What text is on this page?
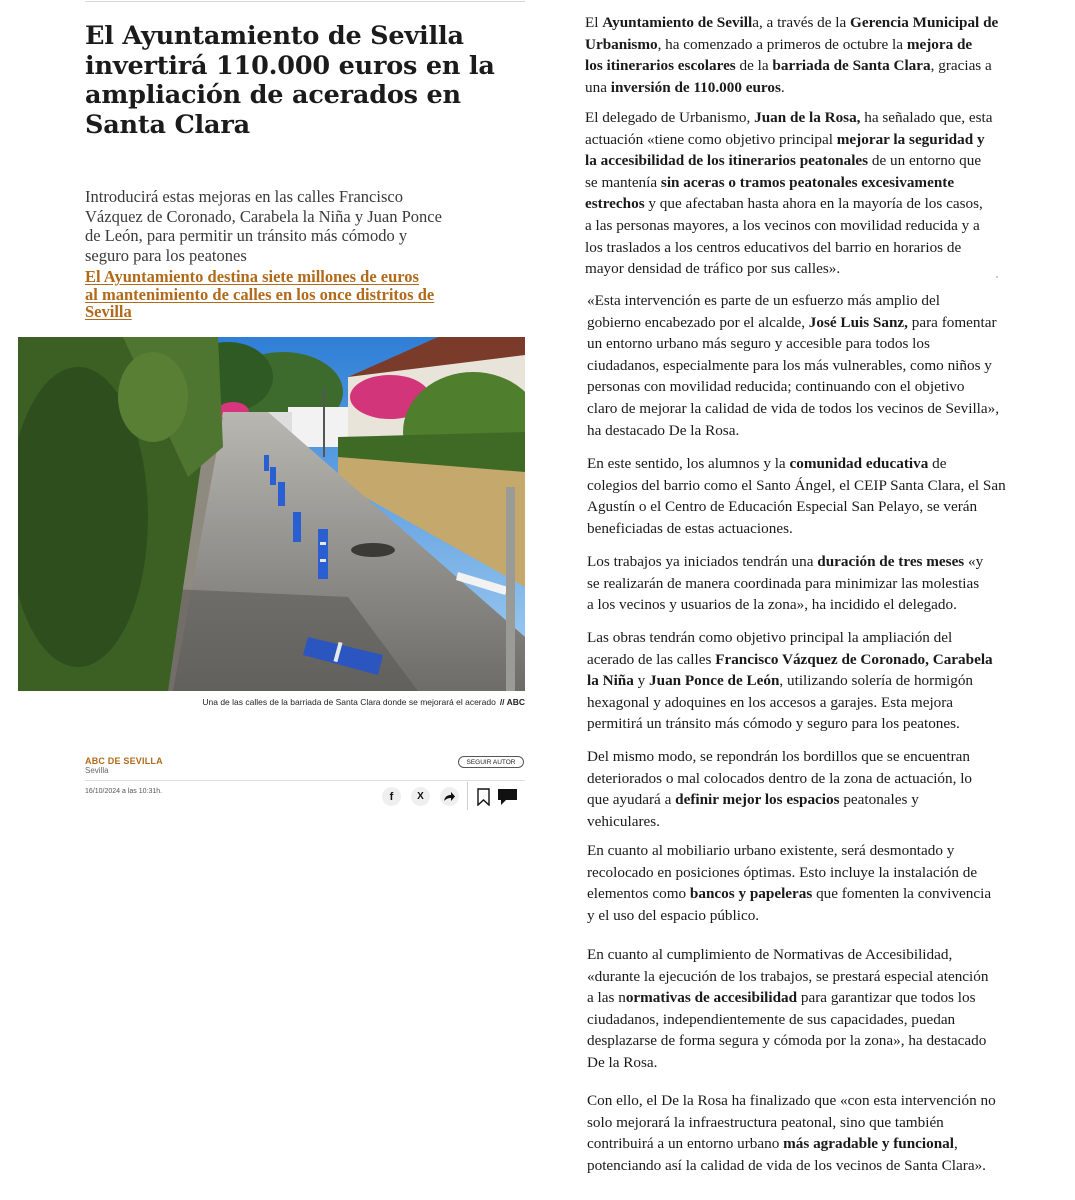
El Ayuntamiento de Sevilla
invertirá 110.000 euros en la
ampliación de acerados en
Santa Clara

Introducirá estas mejoras en las calles Francisco
Vázquez de Coronado, Carabela la Niña y Juan Ponce
de León, para permitir un tránsito más cómodo y
seguro para los peatones

El Ayuntamiento destina siete millones de euros
al mantenimiento de calles en los once distritos de
Sevilla

Una de las calles de la barriada de Santa Clara donde se mejorará el acerado // ABC

ABC DE SEVILLA

Sevilla

SEGUIR AUTOR

16/10/2024 a las 10:31h.	f X

El Ayuntamiento de Sevilla, a través de la Gerencia Municipal de
Urbanismo, ha comenzado a primeros de octubre la mejora de
los itinerarios escolares de la barriada de Santa Clara, gracias a
una inversión de 110.000 euros.

El delegado de Urbanismo, Juan de la Rosa, ha señalado que, esta
actuación «tiene como objetivo principal mejorar la seguridad y
la accesibilidad de los itinerarios peatonales de un entorno que
se mantenía sin aceras o tramos peatonales excesivamente
estrechos y que afectaban hasta ahora en la mayoría de los casos,
a las personas mayores, a los vecinos con movilidad reducida y a
los traslados a los centros educativos del barrio en horarios de
mayor densidad de tráfico por sus calles».

«Esta intervención es parte de un esfuerzo más amplio del
gobierno encabezado por el alcalde, José Luis Sanz, para fomentar
un entorno urbano más seguro y accesible para todos los
ciudadanos, especialmente para los más vulnerables, como niños y
personas con movilidad reducida; continuando con el objetivo
claro de mejorar la calidad de vida de todos los vecinos de Sevilla»,
ha destacado De la Rosa.

En este sentido, los alumnos y la comunidad educativa de
colegios del barrio como el Santo Ángel, el CEIP Santa Clara, el San
Agustín o el Centro de Educación Especial San Pelayo, se verán
beneficiadas de estas actuaciones.

Los trabajos ya iniciados tendrán una duración de tres meses «y
se realizarán de manera coordinada para minimizar las molestias
a los vecinos y usuarios de la zona», ha incidido el delegado.

Las obras tendrán como objetivo principal la ampliación del
acerado de las calles Francisco Vázquez de Coronado, Carabela
la Niña y Juan Ponce de León, utilizando solería de hormigón
hexagonal y adoquines en los accesos a garajes. Esta mejora
permitirá un tránsito más cómodo y seguro para los peatones.

Del mismo modo, se repondrán los bordillos que se encuentran
deteriorados o mal colocados dentro de la zona de actuación, lo
que ayudará a definir mejor los espacios peatonales y
vehiculares.

En cuanto al mobiliario urbano existente, será desmontado y
recolocado en posiciones óptimas. Esto incluye la instalación de
elementos como bancos y papeleras que fomenten la convivencia
y el uso del espacio público.

En cuanto al cumplimiento de Normativas de Accesibilidad,
«durante la ejecución de los trabajos, se prestará especial atención
a las normativas de accesibilidad para garantizar que todos los
ciudadanos, independientemente de sus capacidades, puedan
desplazarse de forma segura y cómoda por la zona», ha destacado
De la Rosa.

Con ello, el De la Rosa ha finalizado que «con esta intervención no
solo mejorará la infraestructura peatonal, sino que también
contribuirá a un entorno urbano más agradable y funcional,
potenciando así la calidad de vida de los vecinos de Santa Clara».
